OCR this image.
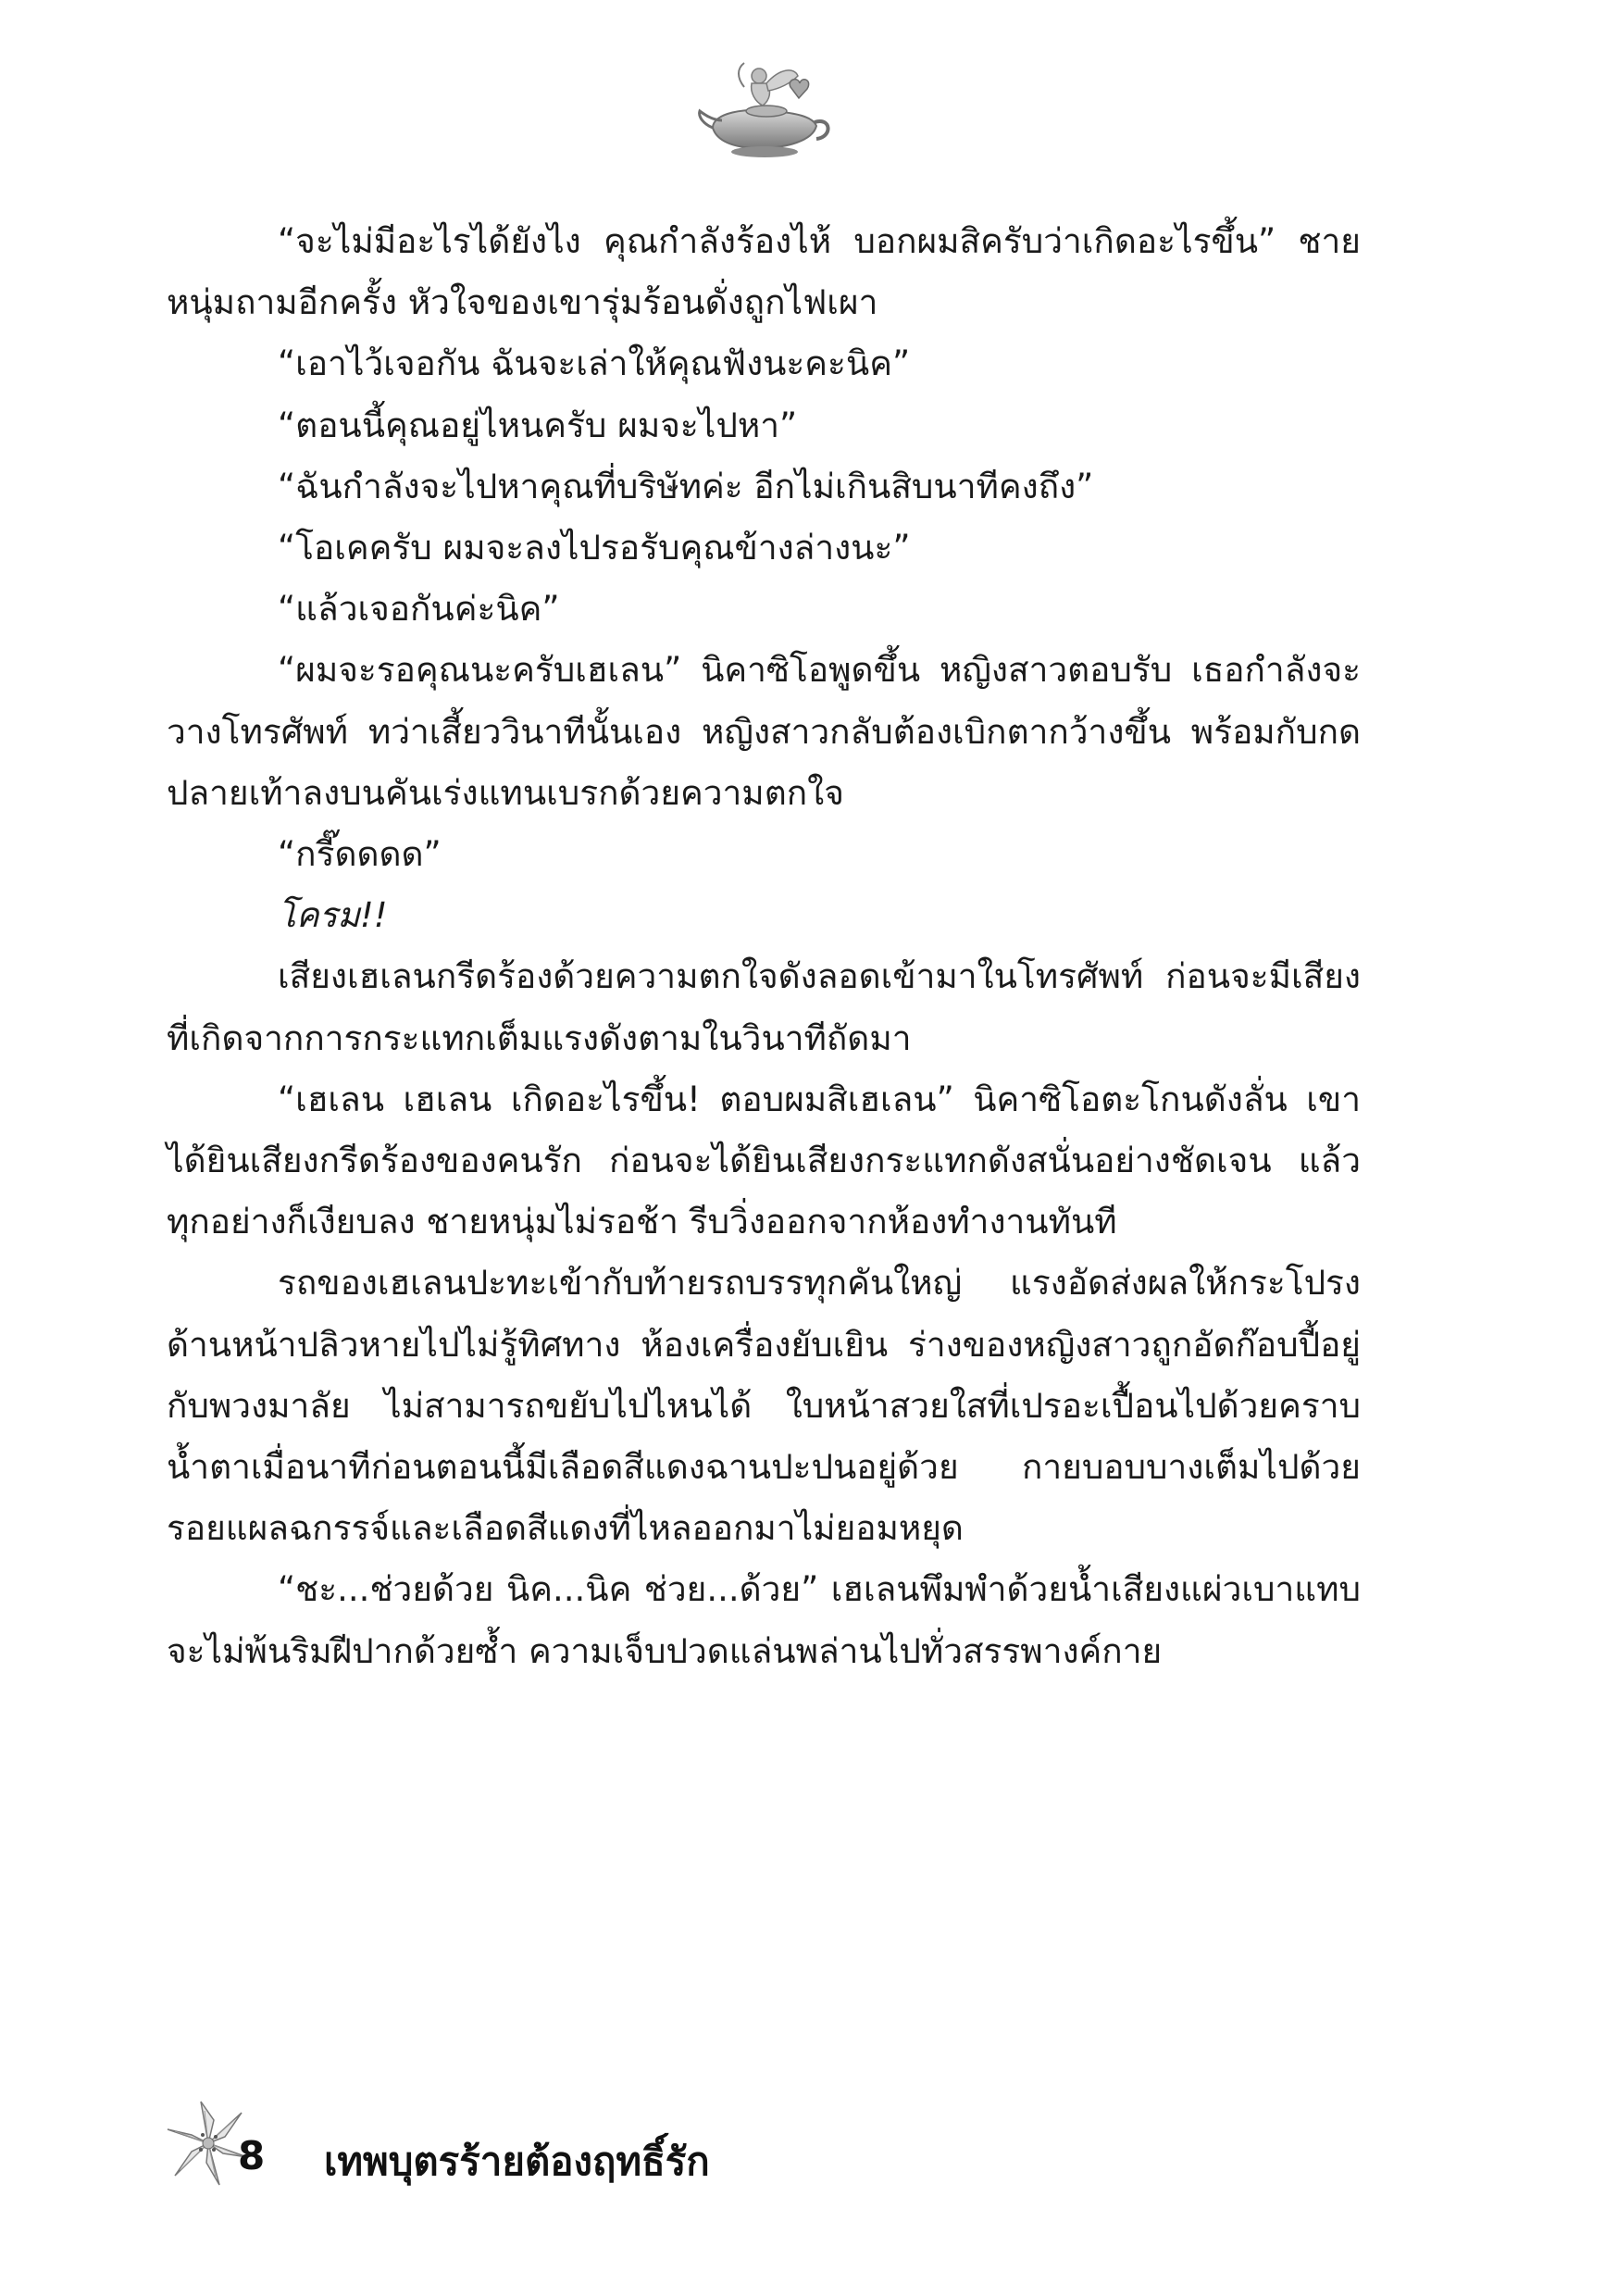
“จะไม่มีอะไรได้ยังไง คุณกำลังร้องไห้ บอกผมสิครับว่าเกิดอะไรขึ้น” ชายหนุ่มถามอีกครั้ง หัวใจของเขารุ่มร้อนดั่งถูกไฟเผา

“เอาไว้เจอกัน ฉันจะเล่าให้คุณฟังนะคะนิค”

“ตอนนี้คุณอยู่ไหนครับ ผมจะไปหา”

“ฉันกำลังจะไปหาคุณที่บริษัทค่ะ อีกไม่เกินสิบนาทีคงถึง”

“โอเคครับ ผมจะลงไปรอรับคุณข้างล่างนะ”

“แล้วเจอกันค่ะนิค”

“ผมจะรอคุณนะครับเฮเลน” นิคาซิโอพูดขึ้น หญิงสาวตอบรับ เธอกำลังจะวางโทรศัพท์ ทว่าเสี้ยววินาทีนั้นเอง หญิงสาวกลับต้องเบิกตากว้างขึ้น พร้อมกับกดปลายเท้าลงบนคันเร่งแทนเบรกด้วยความตกใจ

“กรี๊ดดดด”

โครม!!

เสียงเฮเลนกรีดร้องด้วยความตกใจดังลอดเข้ามาในโทรศัพท์ ก่อนจะมีเสียงที่เกิดจากการกระแทกเต็มแรงดังตามในวินาทีถัดมา

“เฮเลน เฮเลน เกิดอะไรขึ้น! ตอบผมสิเฮเลน” นิคาซิโอตะโกนดังลั่น เขาได้ยินเสียงกรีดร้องของคนรัก ก่อนจะได้ยินเสียงกระแทกดังสนั่นอย่างชัดเจน แล้วทุกอย่างก็เงียบลง ชายหนุ่มไม่รอช้า รีบวิ่งออกจากห้องทำงานทันที

รถของเฮเลนปะทะเข้ากับท้ายรถบรรทุกคันใหญ่ แรงอัดส่งผลให้กระโปรงด้านหน้าปลิวหายไปไม่รู้ทิศทาง ห้องเครื่องยับเยิน ร่างของหญิงสาวถูกอัดก๊อบปี้อยู่กับพวงมาลัย ไม่สามารถขยับไปไหนได้ ใบหน้าสวยใสที่เปรอะเปื้อนไปด้วยคราบน้ำตาเมื่อนาทีก่อนตอนนี้มีเลือดสีแดงฉานปะปนอยู่ด้วย กายบอบบางเต็มไปด้วยรอยแผลฉกรรจ์และเลือดสีแดงที่ไหลออกมาไม่ยอมหยุด

“ชะ...ช่วยด้วย นิค...นิค ช่วย...ด้วย” เฮเลนพึมพำด้วยน้ำเสียงแผ่วเบาแทบจะไม่พ้นริมฝีปากด้วยซ้ำ ความเจ็บปวดแล่นพล่านไปทั่วสรรพางค์กาย

8 เทพบุตรร้ายต้องฤทธิ์รัก
